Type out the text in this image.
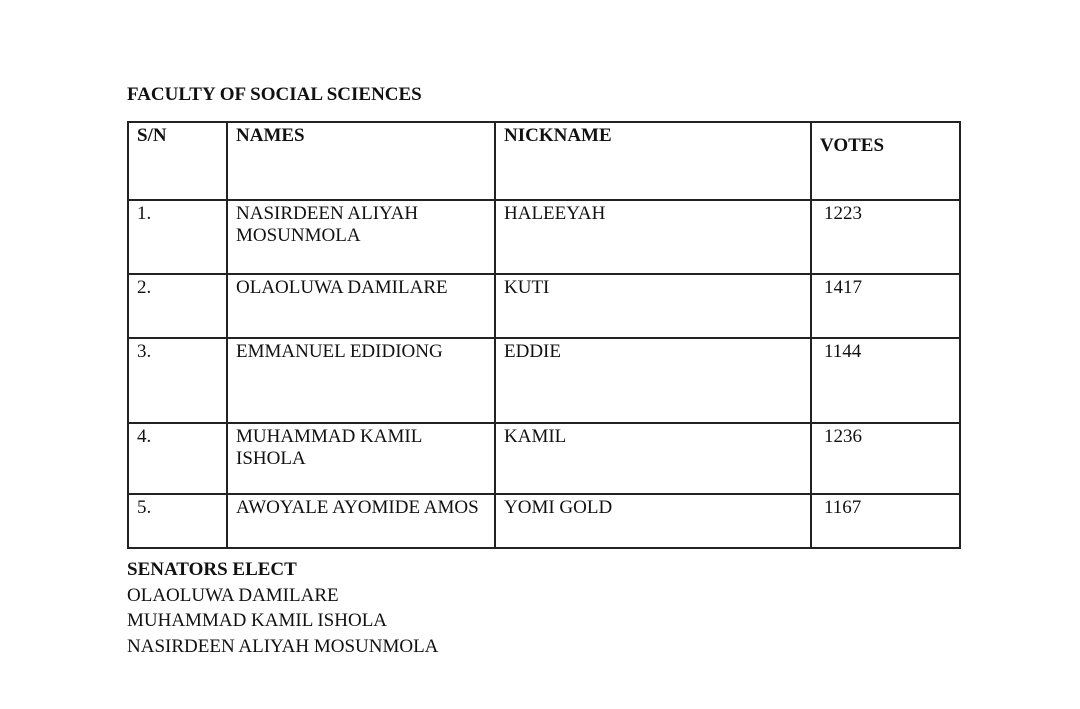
FACULTY OF SOCIAL SCIENCES
S/N	NAMES	NICKNAME	VOTES
1.	NASIRDEEN ALIYAH MOSUNMOLA	HALEEYAH	1223
2.	OLAOLUWA DAMILARE	KUTI	1417
3.	EMMANUEL EDIDIONG	EDDIE	1144
4.	MUHAMMAD KAMIL ISHOLA	KAMIL	1236
5.	AWOYALE AYOMIDE AMOS	YOMI GOLD	1167
SENATORS ELECT
OLAOLUWA DAMILARE
MUHAMMAD KAMIL ISHOLA
NASIRDEEN ALIYAH MOSUNMOLA
